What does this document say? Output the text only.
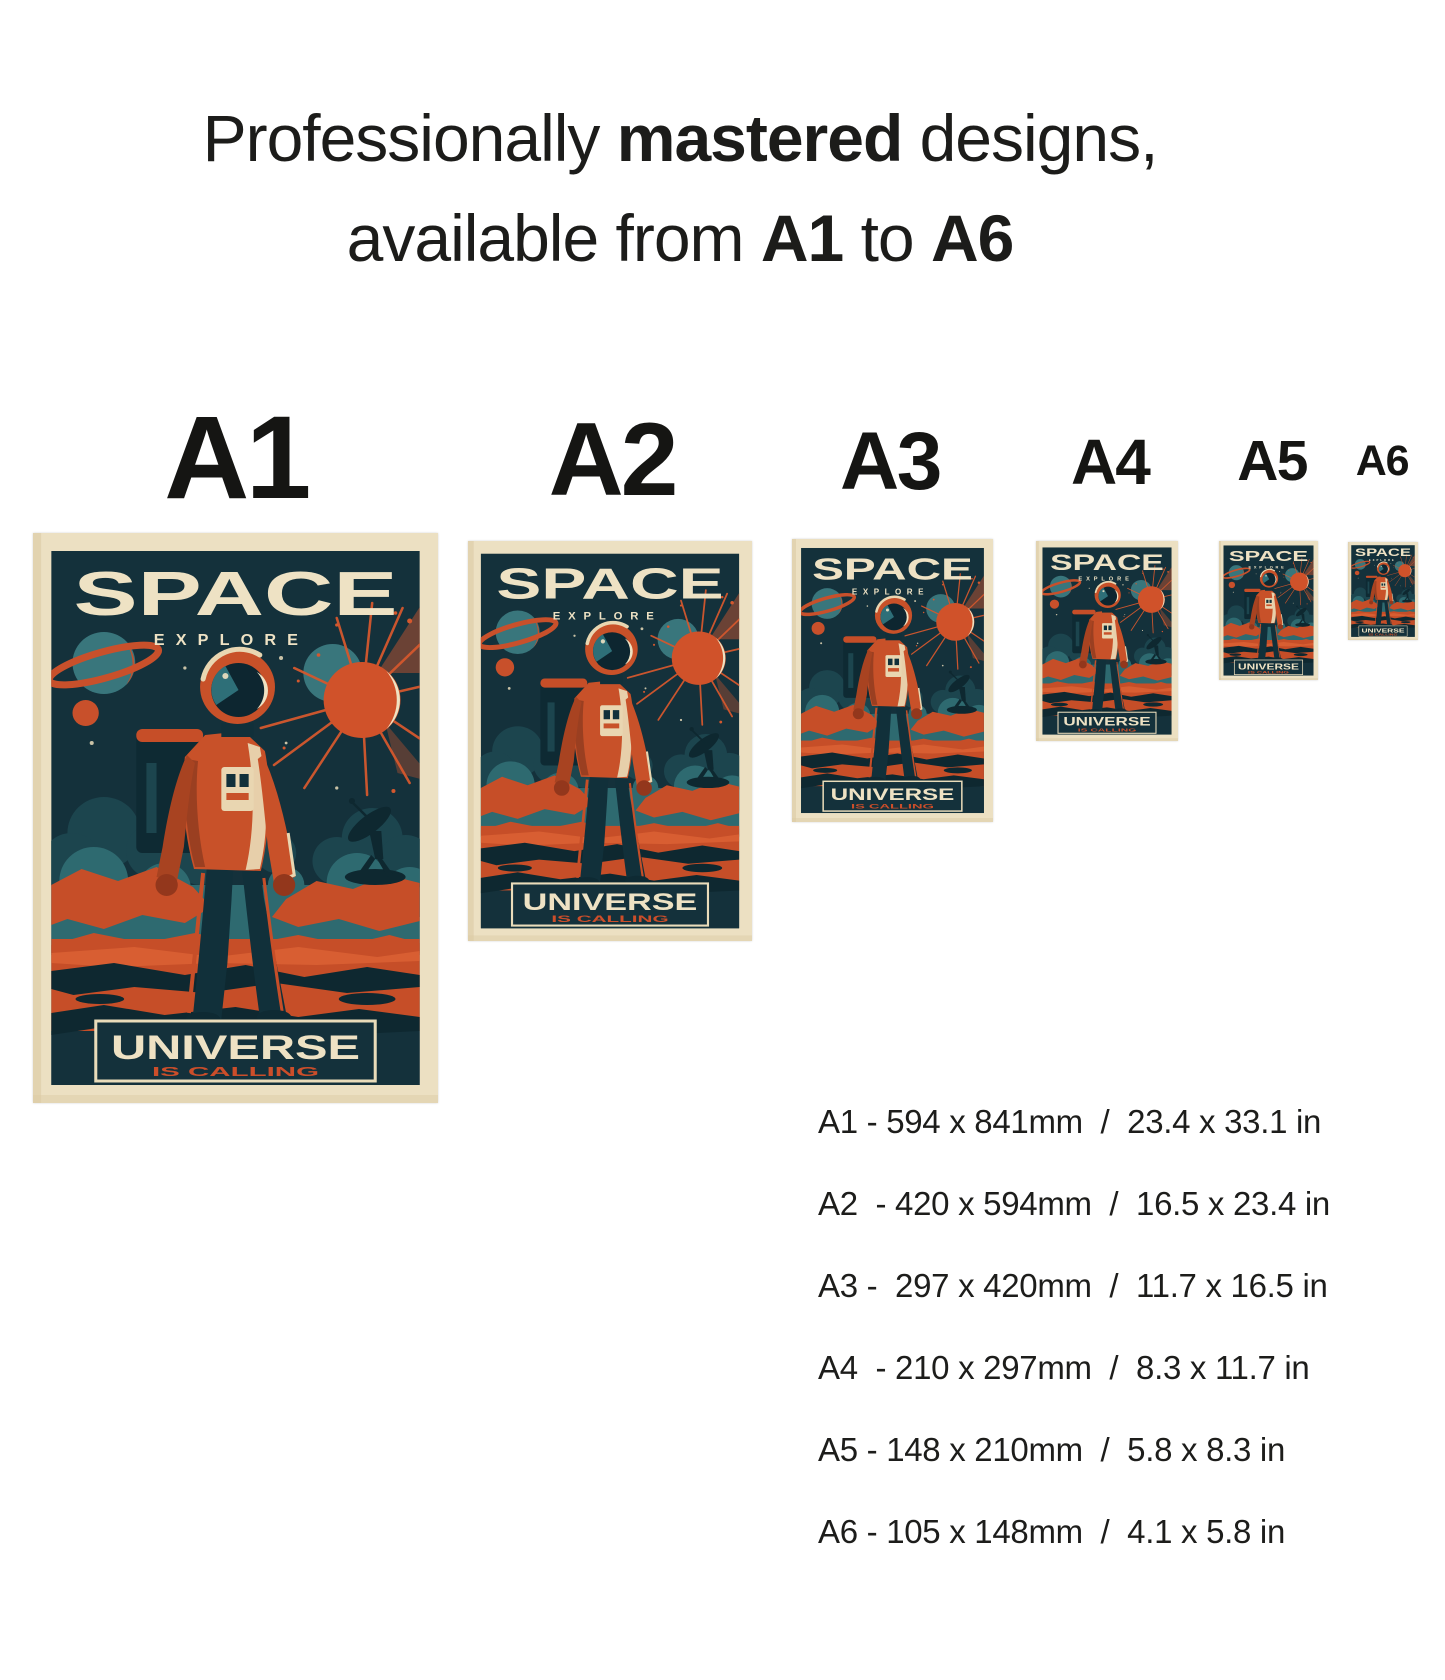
Professionally mastered designs,
available from A1 to A6
A1 A2 A3 A4 A5 A6
A1 - 594 x 841mm  /  23.4 x 33.1 in
A2  - 420 x 594mm  /  16.5 x 23.4 in
A3 -  297 x 420mm  /  11.7 x 16.5 in
A4  - 210 x 297mm  /  8.3 x 11.7 in
A5 - 148 x 210mm  /  5.8 x 8.3 in
A6 - 105 x 148mm  /  4.1 x 5.8 in
